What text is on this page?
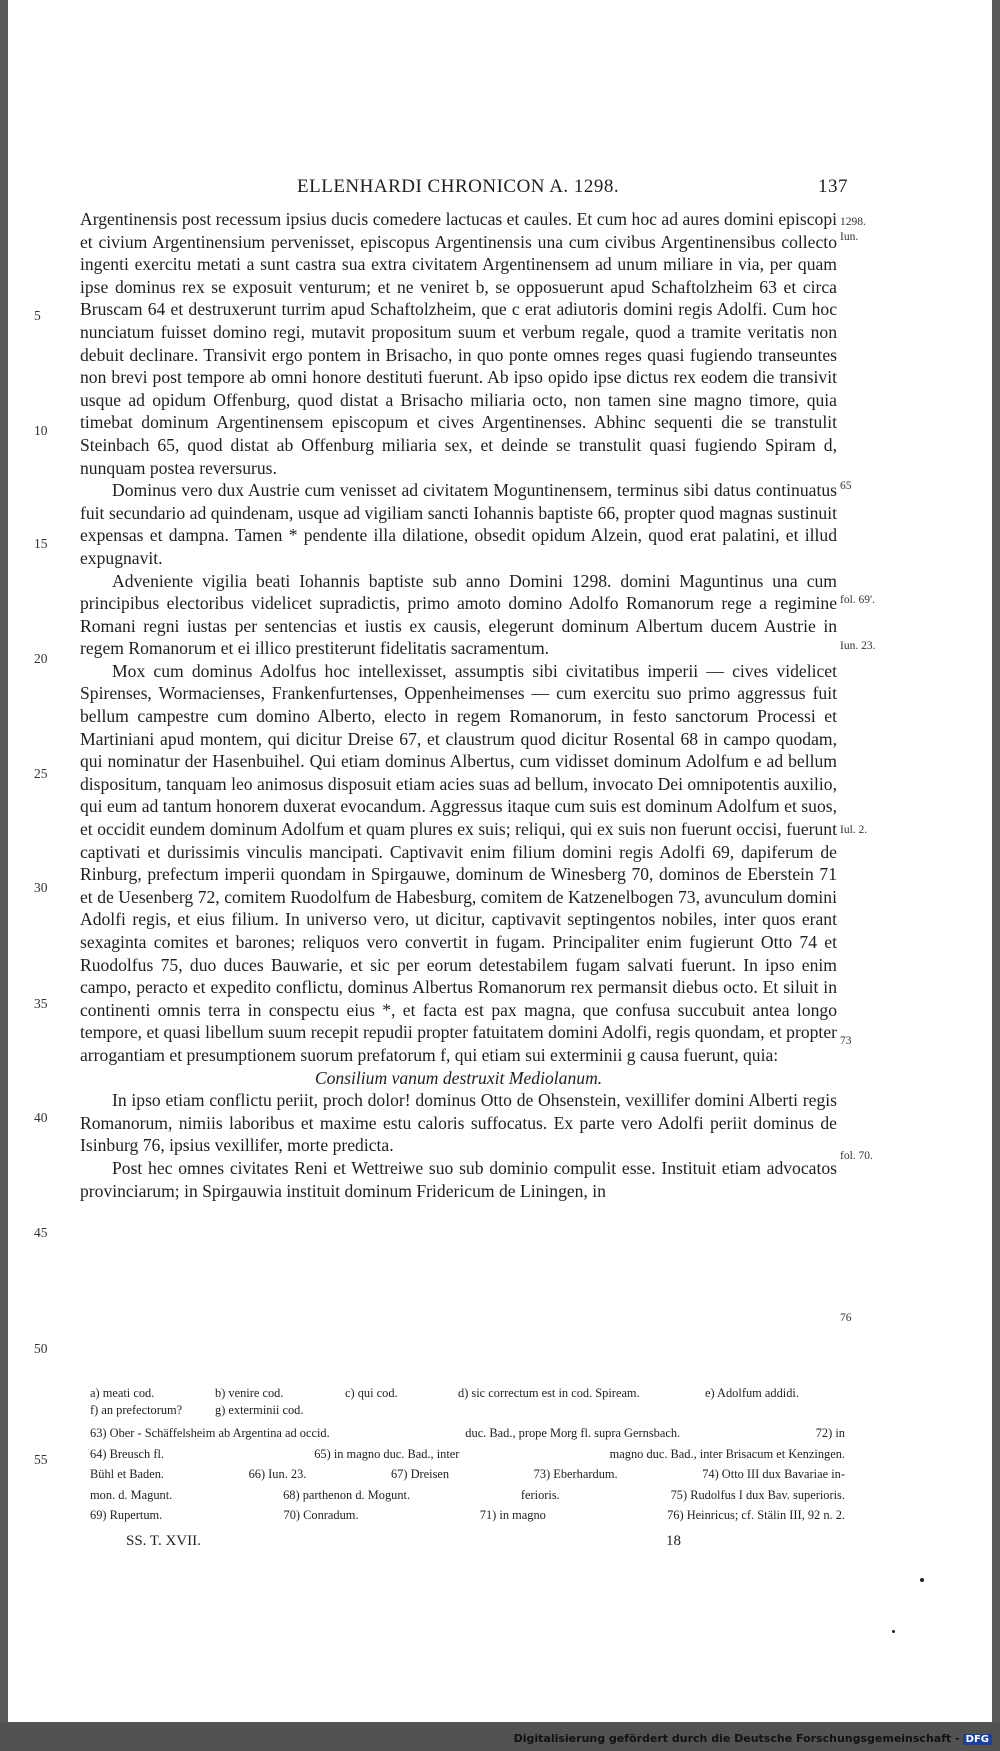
ELLENHARDI CHRONICON A. 1298.	137
5
10
15
20
25
30
35
40
45
50
55
1298.
Iun.
65
fol. 69'.
Iun. 23.
Iul. 2.
73
fol. 70.
76

Argentinensis post recessum ipsius ducis comedere lactucas et caules. Et cum hoc ad aures domini episcopi et civium Argentinensium pervenisset, episcopus Argentinensis una cum civibus Argentinensibus collecto ingenti exercitu metati a sunt castra sua extra civitatem Argentinensem ad unum miliare in via, per quam ipse dominus rex se exposuit venturum; et ne veniret b, se opposuerunt apud Schaftolzheim 63 et circa Bruscam 64 et destruxerunt turrim apud Schaftolzheim, que c erat adiutoris domini regis Adolfi. Cum hoc nunciatum fuisset domino regi, mutavit propositum suum et verbum regale, quod a tramite veritatis non debuit declinare. Transivit ergo pontem in Brisacho, in quo ponte omnes reges quasi fugiendo transeuntes non brevi post tempore ab omni honore destituti fuerunt. Ab ipso opido ipse dictus rex eodem die transivit usque ad opidum Offenburg, quod distat a Brisacho miliaria octo, non tamen sine magno timore, quia timebat dominum Argentinensem episcopum et cives Argentinenses. Abhinc sequenti die se transtulit Steinbach 65, quod distat ab Offenburg miliaria sex, et deinde se transtulit quasi fugiendo Spiram d, nunquam postea reversurus.

Dominus vero dux Austrie cum venisset ad civitatem Moguntinensem, terminus sibi datus continuatus fuit secundario ad quindenam, usque ad vigiliam sancti Iohannis baptiste 66, propter quod magnas sustinuit expensas et dampna. Tamen * pendente illa dilatione, obsedit opidum Alzein, quod erat palatini, et illud expugnavit.

Adveniente vigilia beati Iohannis baptiste sub anno Domini 1298. domini Maguntinus una cum principibus electoribus videlicet supradictis, primo amoto domino Adolfo Romanorum rege a regimine Romani regni iustas per sentencias et iustis ex causis, elegerunt dominum Albertum ducem Austrie in regem Romanorum et ei illico prestiterunt fidelitatis sacramentum.

Mox cum dominus Adolfus hoc intellexisset, assumptis sibi civitatibus imperii — cives videlicet Spirenses, Wormacienses, Frankenfurtenses, Oppenheimenses — cum exercitu suo primo aggressus fuit bellum campestre cum domino Alberto, electo in regem Romanorum, in festo sanctorum Processi et Martiniani apud montem, qui dicitur Dreise 67, et claustrum quod dicitur Rosental 68 in campo quodam, qui nominatur der Hasenbuihel. Qui etiam dominus Albertus, cum vidisset dominum Adolfum e ad bellum dispositum, tanquam leo animosus disposuit etiam acies suas ad bellum, invocato Dei omnipotentis auxilio, qui eum ad tantum honorem duxerat evocandum. Aggressus itaque cum suis est dominum Adolfum et suos, et occidit eundem dominum Adolfum et quam plures ex suis; reliqui, qui ex suis non fuerunt occisi, fuerunt captivati et durissimis vinculis mancipati. Captivavit enim filium domini regis Adolfi 69, dapiferum de Rinburg, prefectum imperii quondam in Spirgauwe, dominum de Winesberg 70, dominos de Eberstein 71 et de Uesenberg 72, comitem Ruodolfum de Habesburg, comitem de Katzenelbogen 73, avunculum domini Adolfi regis, et eius filium. In universo vero, ut dicitur, captivavit septingentos nobiles, inter quos erant sexaginta comites et barones; reliquos vero convertit in fugam. Principaliter enim fugierunt Otto 74 et Ruodolfus 75, duo duces Bauwarie, et sic per eorum detestabilem fugam salvati fuerunt. In ipso enim campo, peracto et expedito conflictu, dominus Albertus Romanorum rex permansit diebus octo. Et siluit in continenti omnis terra in conspectu eius *, et facta est pax magna, que confusa succubuit antea longo tempore, et quasi libellum suum recepit repudii propter fatuitatem domini Adolfi, regis quondam, et propter arrogantiam et presumptionem suorum prefatorum f, qui etiam sui exterminii g causa fuerunt, quia:

Consilium vanum destruxit Mediolanum.

In ipso etiam conflictu periit, proch dolor! dominus Otto de Ohsenstein, vexillifer domini Alberti regis Romanorum, nimiis laboribus et maxime estu caloris suffocatus. Ex parte vero Adolfi periit dominus de Isinburg 76, ipsius vexillifer, morte predicta.

Post hec omnes civitates Reni et Wettreiwe suo sub dominio compulit esse. Instituit etiam advocatos provinciarum; in Spirgauwia instituit dominum Fridericum de Liningen, in

a) meati cod.	b) venire cod.	c) qui cod.	d) sic correctum est in cod. Spiream.	e) Adolfum addidi.
f) an prefectorum?	g) exterminii cod.
63) Ober - Schäffelsheim ab Argentina ad occid.	duc. Bad., prope Morg fl. supra Gernsbach.	72) in
64) Breusch fl.	65) in magno duc. Bad., inter	magno duc. Bad., inter Brisacum et Kenzingen.
Bühl et Baden.	66) Iun. 23.	67) Dreisen	73) Eberhardum.	74) Otto III dux Bavariae in-
mon. d. Magunt.	68) parthenon d. Mogunt.	ferioris.	75) Rudolfus I dux Bav. superioris.
69) Rupertum.	70) Conradum.	71) in magno	76) Heinricus; cf. Stälin III, 92 n. 2.
SS. T. XVII.	18
Digitalisierung gefördert durch die Deutsche Forschungsgemeinschaft - DFG
